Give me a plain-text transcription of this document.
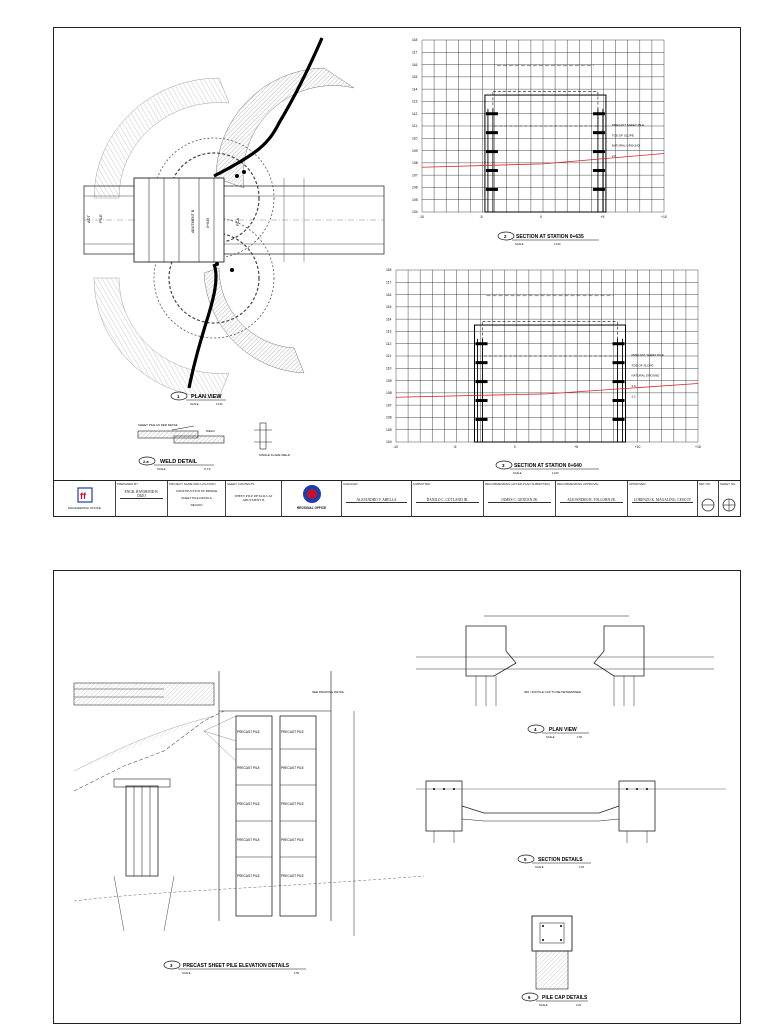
ADT PILE	ABUTMENT B	0+635	PCA
1 PLAN VIEW
SCALE	1:100
SHEET PILE AS PER DETAIL
WELD
SINGLE FLARE WELD
2.a WELD DETAIL
SCALE	N.T.S.
118
117
116
115
114
113
112
111
110
109
108
107
106
105
104
-10	-5	0	+5	+10
PRECAST SHEET PILE
TOE OF SLOPE
NATURAL GROUND
2.0
2 SECTION AT STATION 0+635
SCALE	1:100
118
117
116
115
114
113
112
111
110
109
108
107
106
105
104
-10	-5	0	+5	+10	+15
PRECAST SHEET PILE
TOE OF SLOPE
NATURAL GROUND
2.0
2.2
3 SECTION AT STATION 0+640
SCALE	1:100
ff
ENGINEERING OFFICE
PREPARED BY
ENGR. RAYMOND B. DIZO
PROJECT NAME AND LOCATION
CONSTRUCTION OF BRIDGE
SHEET PILE DETAILS
REGION
SHEET CONTENTS
SHEET PILE DETAILS AT ABUTMENT B
REGIONAL OFFICE
CHECKED
ALEJANDRO V. ABELLA
SUBMITTED
DANILO C. CUTLAND JR.
RECOMMENDING (AFTER PLAN SUBMITTED)
JAMES C. GENCEN JR.
RECOMMENDING APPROVAL
ALEJANDRO R. TOLLORN JR.
APPROVED
LORENZO K. MAGALING, CESO IV
SET NO.	SHEET NO.
PRECAST PILE	PRECAST PILE
PRECAST PILE	PRECAST PILE
PRECAST PILE	PRECAST PILE
PRECAST PILE	PRECAST PILE
PRECAST PILE	PRECAST PILE
SEE DRAWING DETAIL
3 PRECAST SHEET PILE ELEVATION DETAILS
SCALE	1:50
300 / 300 PILE CAP TO BE DETERMINED
4 PLAN VIEW
SCALE	1:50
5 SECTION DETAILS
SCALE	1:25
6 PILE CAP DETAILS
SCALE	1:20
